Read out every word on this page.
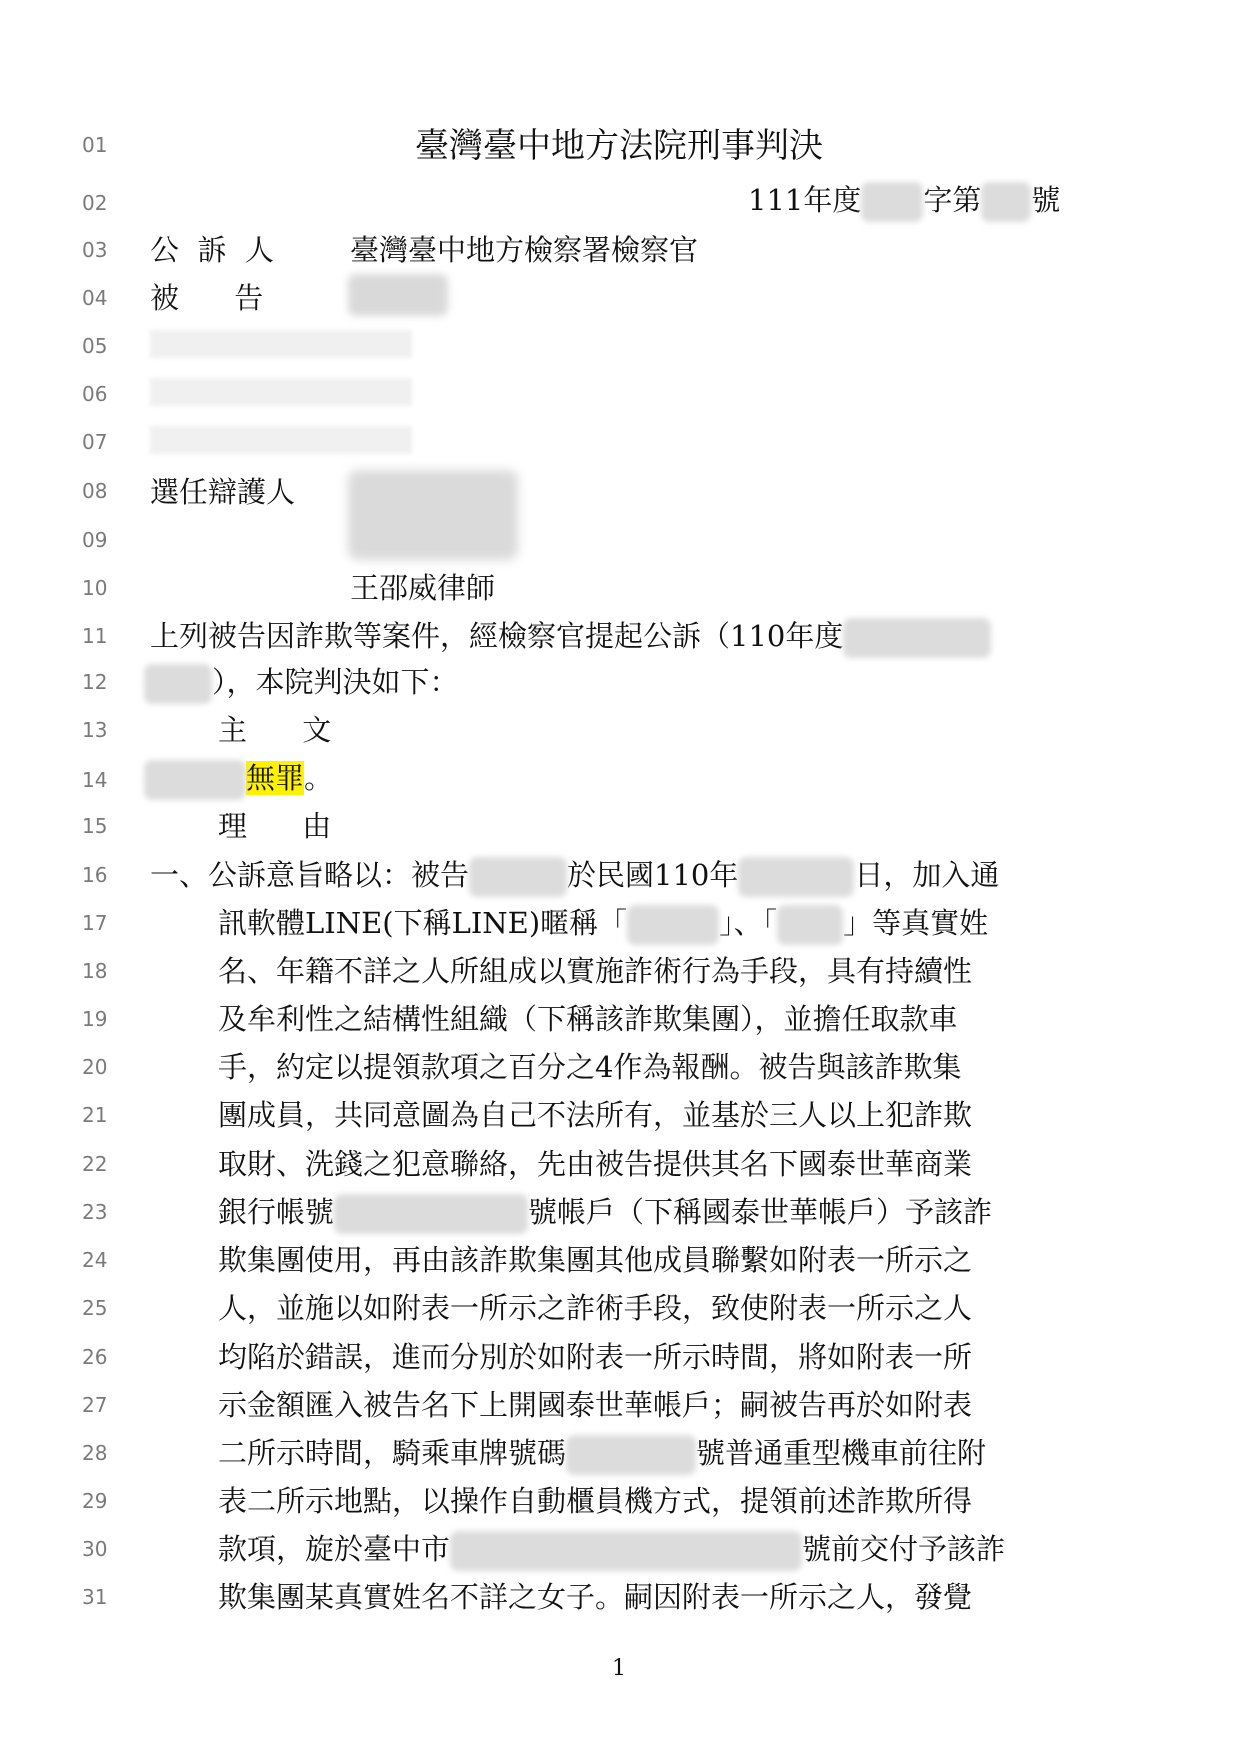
01
02
03
04
05
06
07
08
09
10
11
12
13
14
15
16
17
18
19
20
21
22
23
24
25
26
27
28
29
30
31
臺灣臺中地方法院刑事判決
111年度 字第 號
公  訴  人	臺灣臺中地方檢察署檢察官
被      告
選任辯護人
王邵威律師
上列被告因詐欺等案件，經檢察官提起公訴（110年度
），本院判決如下：
主      文
無罪。
理      由
一、公訴意旨略以：被告	於民國110年	日，加入通
訊軟體LINE(下稱LINE)暱稱「	」、「 」等真實姓
名、年籍不詳之人所組成以實施詐術行為手段，具有持續性
及牟利性之結構性組織（下稱該詐欺集團），並擔任取款車
手，約定以提領款項之百分之4作為報酬。被告與該詐欺集
團成員，共同意圖為自己不法所有，並基於三人以上犯詐欺
取財、洗錢之犯意聯絡，先由被告提供其名下國泰世華商業
銀行帳號	號帳戶（下稱國泰世華帳戶）予該詐
欺集團使用，再由該詐欺集團其他成員聯繫如附表一所示之
人，並施以如附表一所示之詐術手段，致使附表一所示之人
均陷於錯誤，進而分別於如附表一所示時間，將如附表一所
示金額匯入被告名下上開國泰世華帳戶；嗣被告再於如附表
二所示時間，騎乘車牌號碼	號普通重型機車前往附
表二所示地點，以操作自動櫃員機方式，提領前述詐欺所得
款項，旋於臺中市	號前交付予該詐
欺集團某真實姓名不詳之女子。嗣因附表一所示之人，發覺
1
